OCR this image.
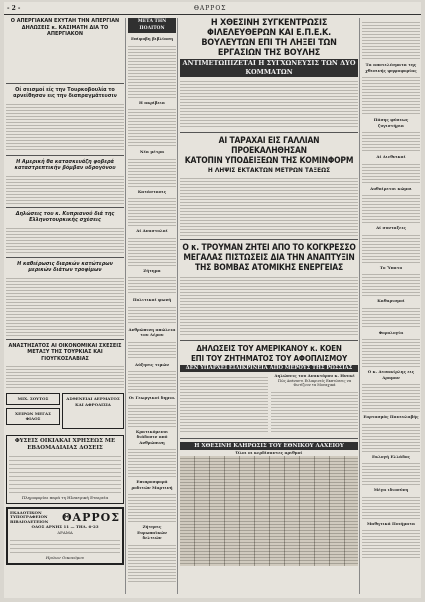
- 2 -	ΘΑΡΡΟΣ
Ο ΑΠΕΡΓΙΑΚΑΝ ΕΧΥΤΑΗ ΤΗΝ ΑΠΕΡΓΙΑΝ
ΔΗΛΩΣΕΙΣ κ. ΚΑΣΙΜΑΤΗ ΔΙΑ ΤΟ ΑΠΕΡΓΙΑΚΟΝ
Οί σεισμοί είς την Τουρκοβουλία το αρνείθησαν εις την διαπραγμάτευσιν
Η Αμερική θα κατασκευάζη φοβερά καταστρεπτικήν βόμβαν υδρογόνου
Δηλώσεις του κ. Κυπριανού διά της Ελληνοτουρκικής σχέσεις
Η καθιέρωσις διαρκών κατώτερων μερικών διάτων τροφίμων
ΑΝΑΣΤΗΣΑΤΟΣ ΑΙ ΟΙΚΟΝΟΜΙΚΑΙ ΣΧΕΣΕΙΣ ΜΕΤΑΞΥ ΤΗΣ ΤΟΥΡΚΙΑΣ ΚΑΙ ΓΙΟΥΓΚΟΣΛΑΒΙΑΣ
ΜΙΧ. ΣΟΥΤΟΣ
ΧΕΙΡΩΝ ΜΕΓΑΣ ΦΙΛΟΣ
ΑΣΘΕΝΕΙΑΙ ΔΕΡΜΑΤΟΣ ΚΑΙ ΑΦΡΟΔΙΣΙΑ
ΦΥΣΕΙΣ ΟΙΚΙΑΚΑΙ ΧΡΗΣΕΩΣ ΜΕ ΕΒΔΟΜΑΔΙΑΙΑΣ ΔΟΣΕΙΣ
Πληροφορίαι παρά τη Ηλεκτρική Εταιρεία
ΕΚΑΔΟΤΙΚΟΝ
ΤΥΠΟΓΡΑΦΕΙΟΝ
ΒΙΒΛΙΟΔΕΤΕΙΟΝ ΘΑΡΡΟΣ
ΟΔΟΣ ΑΡΝΗΣ 11 — ΤΗΛ. 6-23
ΔΡΑΜΑ
Ηρώων Οικονόμου
ΜΕΤΑ ΤΗΝ ΠΟΛΙΤΟΝ
Επίφοβη βιβλίαση
Η ακρίβεια
Νέα μέτρα
Κατάστασις
Αί Αναστολαί
Ζήτημα
Πολιτικαί φωνή
Ανθρώπινη απώλεια του Λέρου
Αύξησις τιμών
Οι Γεωργικοί δημιο.
Κρατικόμενοι διάδοσιν από Ανθρώπινη
Επιπροσφορά ροδιτών Μαρτινή
Ζήτησις Ευρωπαϊκών δελτιών
Η ΧΘΕΣΙΝΗ ΣΥΓΚΕΝΤΡΩΣΙΣ ΦΙΛΕΛΕΥΘΕΡΩΝ ΚΑΙ Ε.Π.Ε.Κ.
ΒΟΥΛΕΥΤΩΝ ΕΠΙ ΤΗ ΛΗΞΕΙ ΤΩΝ ΕΡΓΑΣΙΩΝ ΤΗΣ ΒΟΥΛΗΣ
ΑΝΤΙΜΕΤΩΠΙΖΕΤΑΙ Η ΣΥΓΧΩΝΕΥΣΙΣ ΤΩΝ ΔΥΟ ΚΟΜΜΑΤΩΝ
ΑΙ ΤΑΡΑΧΑΙ ΕΙΣ ΓΑΛΛΙΑΝ ΠΡΟΕΚΑΛΗΘΗΣΑΝ
ΚΑΤΟΠΙΝ ΥΠΟΔΕΙΞΕΩΝ ΤΗΣ ΚΟΜΙΝΦΟΡΜ
Η ΛΗΨΙΣ ΕΚΤΑΚΤΩΝ ΜΕΤΡΩΝ ΤΑΞΕΩΣ
Ο κ. ΤΡΟΥΜΑΝ ΖΗΤΕΙ ΑΠΟ ΤΟ ΚΟΓΚΡΕΣΣΟ
ΜΕΓΑΛΑΣ ΠΙΣΤΩΣΕΙΣ ΔΙΑ ΤΗΝ ΑΝΑΠΤΥΞΙΝ
ΤΗΣ ΒΟΜΒΑΣ ΑΤΟΜΙΚΗΣ ΕΝΕΡΓΕΙΑΣ
ΔΗΛΩΣΕΙΣ ΤΟΥ ΑΜΕΡΙΚΑΝΟΥ κ. ΚΟΕΝ
ΕΠΙ ΤΟΥ ΖΗΤΗΜΑΤΟΣ ΤΟΥ ΑΦΟΠΛΙΣΜΟΥ
ΔΕΝ ΥΠΑΡΧΕΙ ΕΙΛΙΚΡΙΝΕΙΑ ΑΠΟ ΜΕΡΟΥΣ ΤΗΣ ΡΩΣΣΙΑΣ
Δηλώσεις του Ανακτόρου κ. Ηνεκέ
Πώς Απέναντι Ειλικρινείς Εκπτώσεις να Φωτίζουν τα Μοναχικά
Η ΧΘΕΣΙΝΗ ΚΛΗΡΩΣΙΣ ΤΟΥ ΕΘΝΙΚΟΥ ΛΑΧΕΙΟΥ
Όλοι οι κερδίσαντες αριθμοί
Τα αποτελέσματα της χθεσινής ψηφοφορίας
Πάσης φύσεως ζυγιστήρια
Αί Διεθνικαί
Αυθαίρετοι κώμοι
Αί συνταξεις
Το Ύπατο
Καθαρισμοί
Φορολογία
Ο κ. Ατσακίρλης εις Δραμαν
Εορτασμός Πανευλαβής
Εκλογή Ελλάδος
Μέγα ιδιοσύνη
Μαθητικά Ποιήματα
